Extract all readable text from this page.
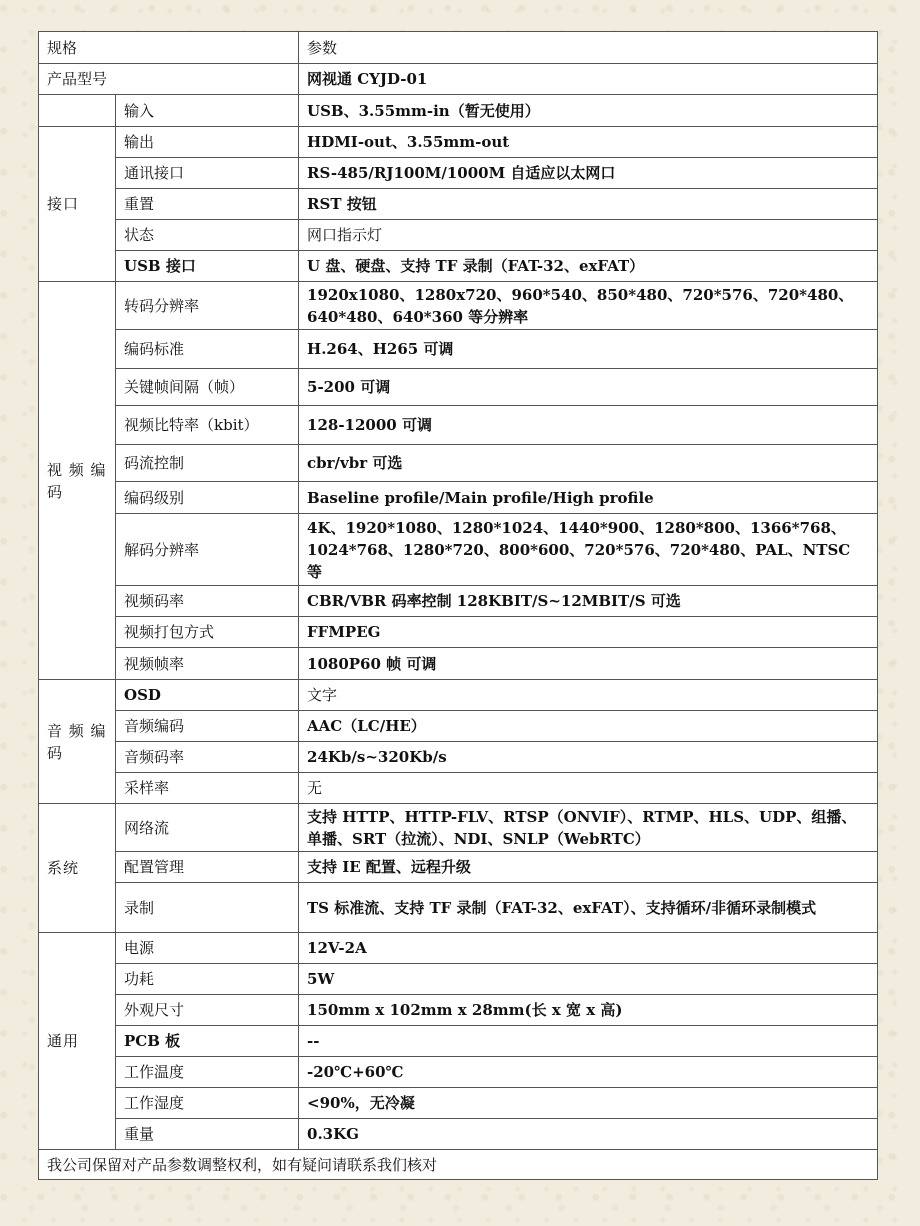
规格		参数
产品型号		网视通 CYJD-01
	输入	USB、3.55mm-in（暂无使用）
接口	输出	HDMI-out、3.55mm-out
	通讯接口	RS-485/RJ100M/1000M 自适应以太网口
	重置	RST 按钮
	状态	网口指示灯
	USB 接口	U 盘、硬盘、支持 TF 录制（FAT-32、exFAT）
视 频 编 码	转码分辨率	1920x1080、1280x720、960*540、850*480、720*576、720*480、640*480、640*360 等分辨率
	编码标准	H.264、H265 可调
	关键帧间隔（帧）	5-200 可调
	视频比特率（kbit）	128-12000 可调
	码流控制	cbr/vbr 可选
	编码级别	Baseline profile/Main profile/High profile
	解码分辨率	4K、1920*1080、1280*1024、1440*900、1280*800、1366*768、1024*768、1280*720、800*600、720*576、720*480、PAL、NTSC 等
	视频码率	CBR/VBR 码率控制 128KBIT/S~12MBIT/S 可选
	视频打包方式	FFMPEG
	视频帧率	1080P60 帧 可调
音 频 编 码	OSD	文字
	音频编码	AAC（LC/HE）
	音频码率	24Kb/s~320Kb/s
	采样率	无
系统	网络流	支持 HTTP、HTTP-FLV、RTSP（ONVIF）、RTMP、HLS、UDP、组播、单播、SRT（拉流）、NDI、SNLP（WebRTC）
	配置管理	支持 IE 配置、远程升级
	录制	TS 标准流、支持 TF 录制（FAT-32、exFAT）、支持循环/非循环录制模式
通用	电源	12V-2A
	功耗	5W
	外观尺寸	150mm x 102mm x 28mm(长 x 宽 x 高)
	PCB 板	--
	工作温度	-20℃+60℃
	工作湿度	<90%，无冷凝
	重量	0.3KG
我公司保留对产品参数调整权利，如有疑问请联系我们核对		
